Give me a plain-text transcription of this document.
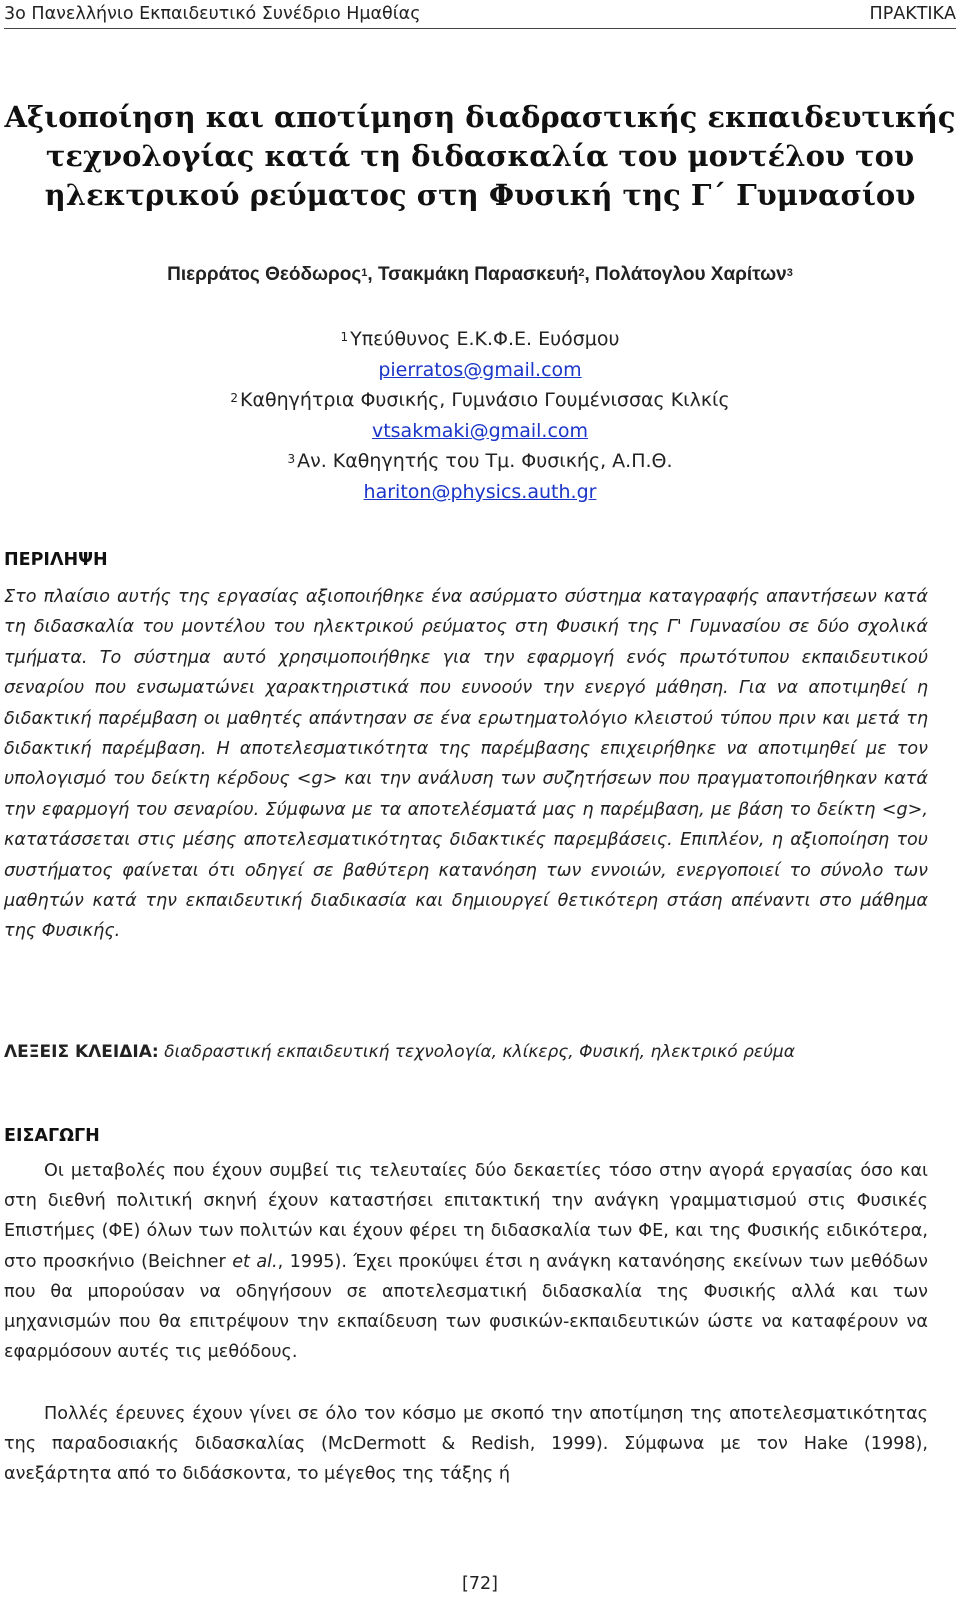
3ο Πανελλήνιο Εκπαιδευτικό Συνέδριο Ημαθίας	ΠΡΑΚΤΙΚΑ
Αξιοποίηση και αποτίμηση διαδραστικής εκπαιδευτικής
τεχνολογίας κατά τη διδασκαλία του μοντέλου του
ηλεκτρικού ρεύματος στη Φυσική της Γ΄ Γυμνασίου
Πιερράτος Θεόδωρος$^1$, Τσακμάκη Παρασκευή$^2$, Πολάτογλου Χαρίτων$^3$
$^1$ Υπεύθυνος Ε.Κ.Φ.Ε. Ευόσμου
pierratos@gmail.com
$^2$ Καθηγήτρια Φυσικής, Γυμνάσιο Γουμένισσας Κιλκίς
vtsakmaki@gmail.com
$^3$ Αν. Καθηγητής του Τμ. Φυσικής, Α.Π.Θ.
hariton@physics.auth.gr
ΠΕΡΙΛΗΨΗ

Στο πλαίσιο αυτής της εργασίας αξιοποιήθηκε ένα ασύρματο σύστημα καταγραφής απαντήσεων κατά τη διδασκαλία του μοντέλου του ηλεκτρικού ρεύματος στη Φυσική της Γ' Γυμνασίου σε δύο σχολικά τμήματα. Το σύστημα αυτό χρησιμοποιήθηκε για την εφαρμογή ενός πρωτότυπου εκπαιδευτικού σεναρίου που ενσωματώνει χαρακτηριστικά που ευνοούν την ενεργό μάθηση. Για να αποτιμηθεί η διδακτική παρέμβαση οι μαθητές απάντησαν σε ένα ερωτηματολόγιο κλειστού τύπου πριν και μετά τη διδακτική παρέμβαση. Η αποτελεσματικότητα της παρέμβασης επιχειρήθηκε να αποτιμηθεί με τον υπολογισμό του δείκτη κέρδους <g> και την ανάλυση των συζητήσεων που πραγματοποιήθηκαν κατά την εφαρμογή του σεναρίου. Σύμφωνα με τα αποτελέσματά μας η παρέμβαση, με βάση το δείκτη <g>, κατατάσσεται στις μέσης αποτελεσματικότητας διδακτικές παρεμβάσεις. Επιπλέον, η αξιοποίηση του συστήματος φαίνεται ότι οδηγεί σε βαθύτερη κατανόηση των εννοιών, ενεργοποιεί το σύνολο των μαθητών κατά την εκπαιδευτική διαδικασία και δημιουργεί θετικότερη στάση απέναντι στο μάθημα της Φυσικής.

ΛΕΞΕΙΣ ΚΛΕΙΔΙΑ: διαδραστική εκπαιδευτική τεχνολογία, κλίκερς, Φυσική, ηλεκτρικό ρεύμα
ΕΙΣΑΓΩΓΗ

Οι μεταβολές που έχουν συμβεί τις τελευταίες δύο δεκαετίες τόσο στην αγορά εργασίας όσο και στη διεθνή πολιτική σκηνή έχουν καταστήσει επιτακτική την ανάγκη γραμματισμού στις Φυσικές Επιστήμες (ΦΕ) όλων των πολιτών και έχουν φέρει τη διδασκαλία των ΦΕ, και της Φυσικής ειδικότερα, στο προσκήνιο (Beichner et al., 1995). Έχει προκύψει έτσι η ανάγκη κατανόησης εκείνων των μεθόδων που θα μπορούσαν να οδηγήσουν σε αποτελεσματική διδασκαλία της Φυσικής αλλά και των μηχανισμών που θα επιτρέψουν την εκπαίδευση των φυσικών-εκπαιδευτικών ώστε να καταφέρουν να εφαρμόσουν αυτές τις μεθόδους.

Πολλές έρευνες έχουν γίνει σε όλο τον κόσμο με σκοπό την αποτίμηση της αποτελεσματικότητας της παραδοσιακής διδασκαλίας (McDermott & Redish, 1999). Σύμφωνα με τον Hake (1998), ανεξάρτητα από το διδάσκοντα, το μέγεθος της τάξης ή

[72]
